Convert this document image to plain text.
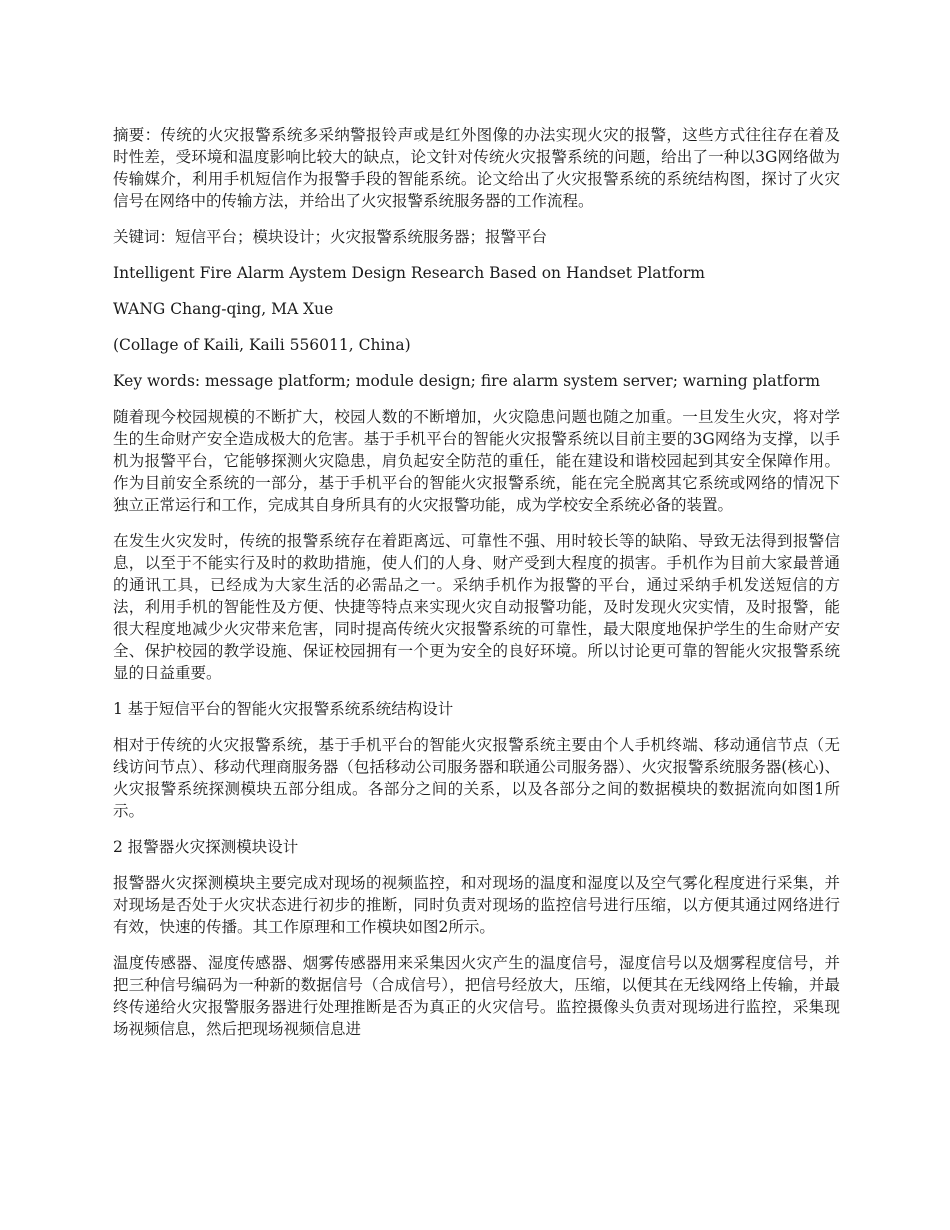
摘要：传统的火灾报警系统多采纳警报铃声或是红外图像的办法实现火灾的报警，这些方式往往存在着及时性差，受环境和温度影响比较大的缺点，论文针对传统火灾报警系统的问题，给出了一种以3G网络做为传输媒介，利用手机短信作为报警手段的智能系统。论文给出了火灾报警系统的系统结构图，探讨了火灾信号在网络中的传输方法，并给出了火灾报警系统服务器的工作流程。

关键词：短信平台；模块设计；火灾报警系统服务器；报警平台

Intelligent Fire Alarm Aystem Design Research Based on Handset Platform

WANG Chang-qing, MA Xue

(Collage of Kaili, Kaili 556011, China)

Key words: message platform; module design; fire alarm system server; warning platform

随着现今校园规模的不断扩大，校园人数的不断增加，火灾隐患问题也随之加重。一旦发生火灾，将对学生的生命财产安全造成极大的危害。基于手机平台的智能火灾报警系统以目前主要的3G网络为支撑，以手机为报警平台，它能够探测火灾隐患，肩负起安全防范的重任，能在建设和谐校园起到其安全保障作用。作为目前安全系统的一部分，基于手机平台的智能火灾报警系统，能在完全脱离其它系统或网络的情况下独立正常运行和工作，完成其自身所具有的火灾报警功能，成为学校安全系统必备的装置。

在发生火灾发时，传统的报警系统存在着距离远、可靠性不强、用时较长等的缺陷、导致无法得到报警信息，以至于不能实行及时的救助措施，使人们的人身、财产受到大程度的损害。手机作为目前大家最普通的通讯工具，已经成为大家生活的必需品之一。采纳手机作为报警的平台，通过采纳手机发送短信的方法，利用手机的智能性及方便、快捷等特点来实现火灾自动报警功能，及时发现火灾实情，及时报警，能很大程度地减少火灾带来危害，同时提高传统火灾报警系统的可靠性，最大限度地保护学生的生命财产安全、保护校园的教学设施、保证校园拥有一个更为安全的良好环境。所以讨论更可靠的智能火灾报警系统显的日益重要。

1 基于短信平台的智能火灾报警系统系统结构设计

相对于传统的火灾报警系统，基于手机平台的智能火灾报警系统主要由个人手机终端、移动通信节点（无线访问节点）、移动代理商服务器（包括移动公司服务器和联通公司服务器）、火灾报警系统服务器(核心)、火灾报警系统探测模块五部分组成。各部分之间的关系，以及各部分之间的数据模块的数据流向如图1所示。

2 报警器火灾探测模块设计

报警器火灾探测模块主要完成对现场的视频监控，和对现场的温度和湿度以及空气雾化程度进行采集，并对现场是否处于火灾状态进行初步的推断，同时负责对现场的监控信号进行压缩，以方便其通过网络进行有效，快速的传播。其工作原理和工作模块如图2所示。

温度传感器、湿度传感器、烟雾传感器用来采集因火灾产生的温度信号，湿度信号以及烟雾程度信号，并把三种信号编码为一种新的数据信号（合成信号），把信号经放大，压缩，以便其在无线网络上传输，并最终传递给火灾报警服务器进行处理推断是否为真正的火灾信号。监控摄像头负责对现场进行监控，采集现场视频信息，然后把现场视频信息进
